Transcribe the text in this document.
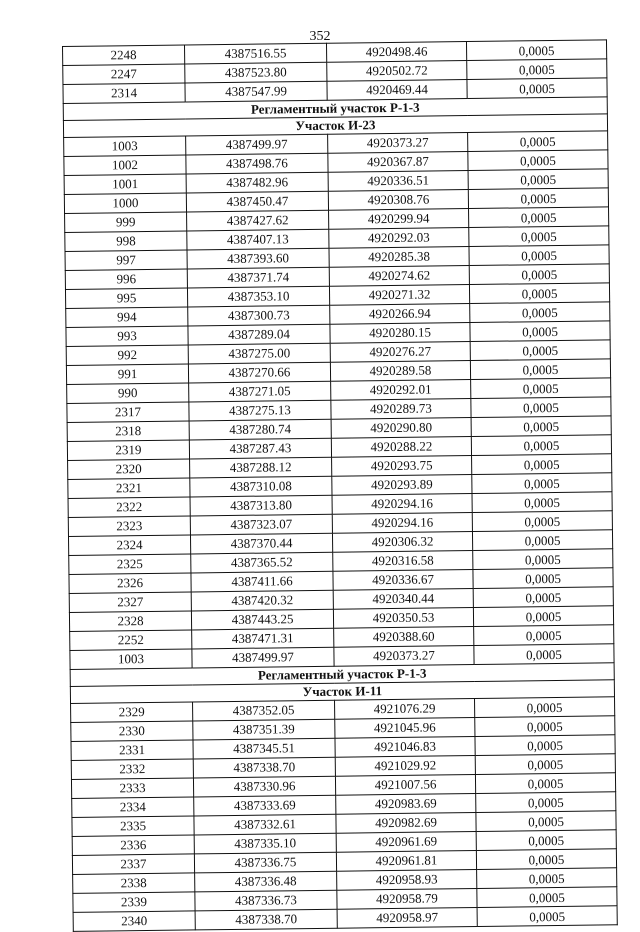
352
2248	4387516.55	4920498.46	0,0005
2247	4387523.80	4920502.72	0,0005
2314	4387547.99	4920469.44	0,0005
Регламентный участок Р-1-3			
Участок И-23			
1003	4387499.97	4920373.27	0,0005
1002	4387498.76	4920367.87	0,0005
1001	4387482.96	4920336.51	0,0005
1000	4387450.47	4920308.76	0,0005
999	4387427.62	4920299.94	0,0005
998	4387407.13	4920292.03	0,0005
997	4387393.60	4920285.38	0,0005
996	4387371.74	4920274.62	0,0005
995	4387353.10	4920271.32	0,0005
994	4387300.73	4920266.94	0,0005
993	4387289.04	4920280.15	0,0005
992	4387275.00	4920276.27	0,0005
991	4387270.66	4920289.58	0,0005
990	4387271.05	4920292.01	0,0005
2317	4387275.13	4920289.73	0,0005
2318	4387280.74	4920290.80	0,0005
2319	4387287.43	4920288.22	0,0005
2320	4387288.12	4920293.75	0,0005
2321	4387310.08	4920293.89	0,0005
2322	4387313.80	4920294.16	0,0005
2323	4387323.07	4920294.16	0,0005
2324	4387370.44	4920306.32	0,0005
2325	4387365.52	4920316.58	0,0005
2326	4387411.66	4920336.67	0,0005
2327	4387420.32	4920340.44	0,0005
2328	4387443.25	4920350.53	0,0005
2252	4387471.31	4920388.60	0,0005
1003	4387499.97	4920373.27	0,0005
Регламентный участок Р-1-3			
Участок И-11			
2329	4387352.05	4921076.29	0,0005
2330	4387351.39	4921045.96	0,0005
2331	4387345.51	4921046.83	0,0005
2332	4387338.70	4921029.92	0,0005
2333	4387330.96	4921007.56	0,0005
2334	4387333.69	4920983.69	0,0005
2335	4387332.61	4920982.69	0,0005
2336	4387335.10	4920961.69	0,0005
2337	4387336.75	4920961.81	0,0005
2338	4387336.48	4920958.93	0,0005
2339	4387336.73	4920958.79	0,0005
2340	4387338.70	4920958.97	0,0005
